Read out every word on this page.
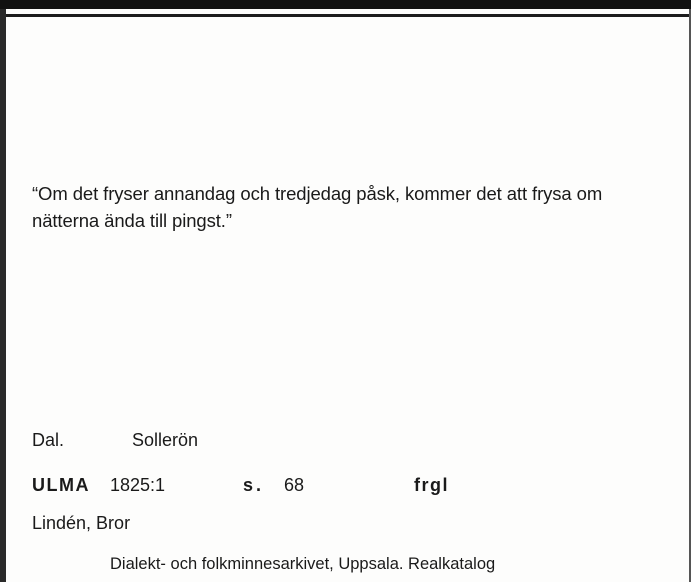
“Om det fryser annandag och tredjedag påsk, kommer det att frysa om nätterna ända till pingst.”
Dal.	Sollerön
ULMA 1825:1	s. 68	frgl
Lindén, Bror
Dialekt- och folkminnesarkivet, Uppsala. Realkatalog
